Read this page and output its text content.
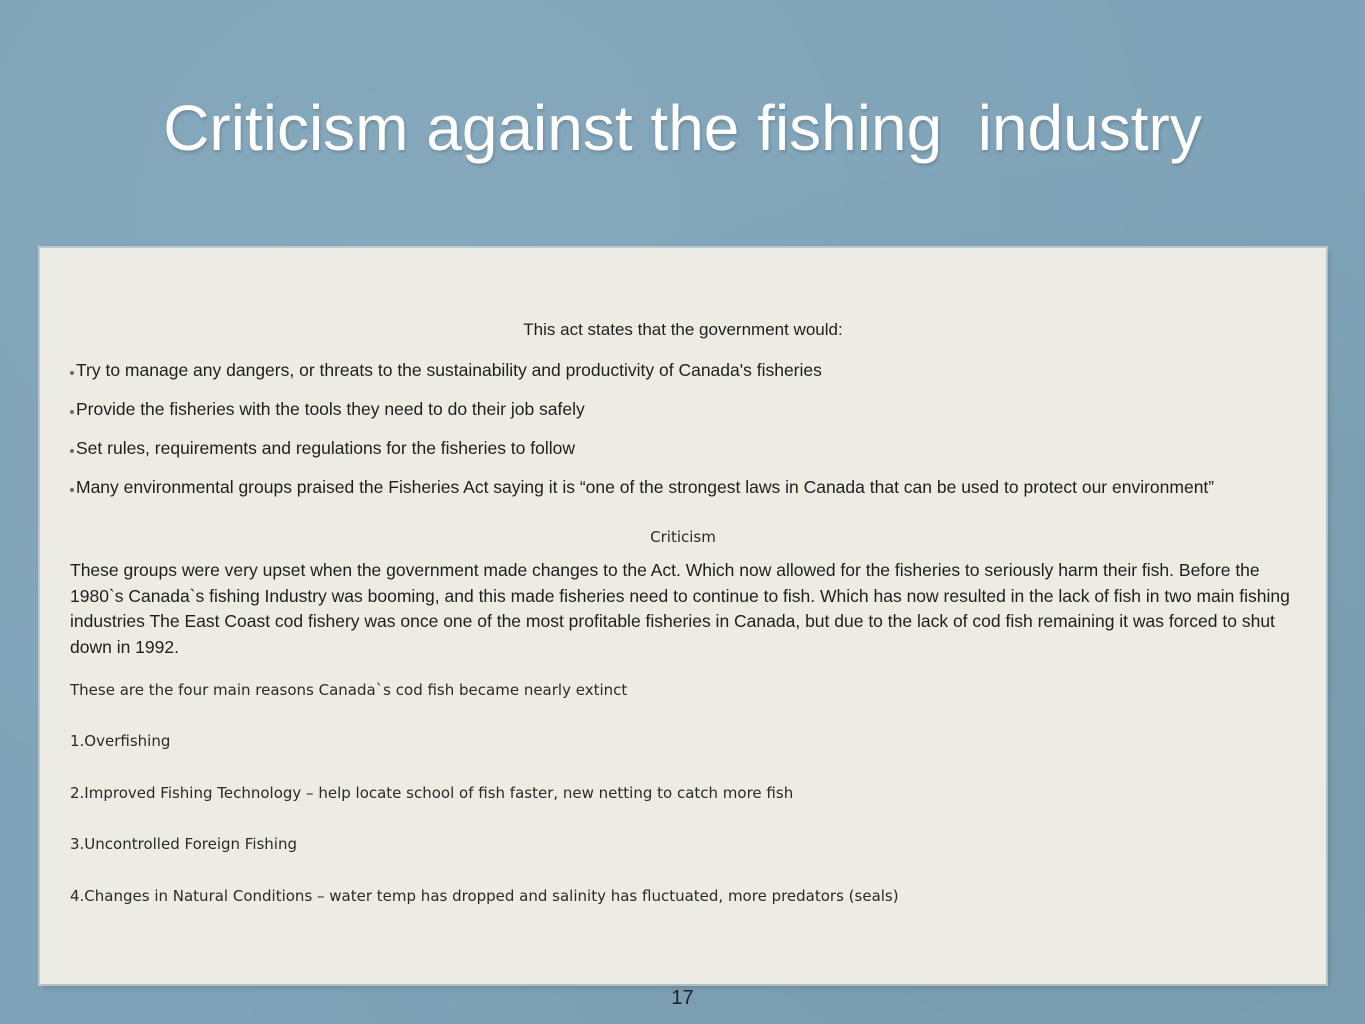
Criticism against the fishing  industry
This act states that the government would:
Try to manage any dangers, or threats to the sustainability and productivity of Canada's fisheries
Provide the fisheries with the tools they need to do their job safely
Set rules, requirements and regulations for the fisheries to follow
Many environmental groups praised the Fisheries Act saying it is “one of the strongest laws in Canada that can be used to protect our environment”
Criticism

These groups were very upset when the government made changes to the Act. Which now allowed for the fisheries to seriously harm their fish. Before the 1980`s Canada`s fishing Industry was booming, and this made fisheries need to continue to fish. Which has now resulted in the lack of fish in two main fishing industries The East Coast cod fishery was once one of the most profitable fisheries in Canada, but due to the lack of cod fish remaining it was forced to shut down in 1992.

These are the four main reasons Canada`s cod fish became nearly extinct
1.Overfishing
2.Improved Fishing Technology – help locate school of fish faster, new netting to catch more fish
3.Uncontrolled Foreign Fishing
4.Changes in Natural Conditions – water temp has dropped and salinity has fluctuated, more predators (seals)
17
